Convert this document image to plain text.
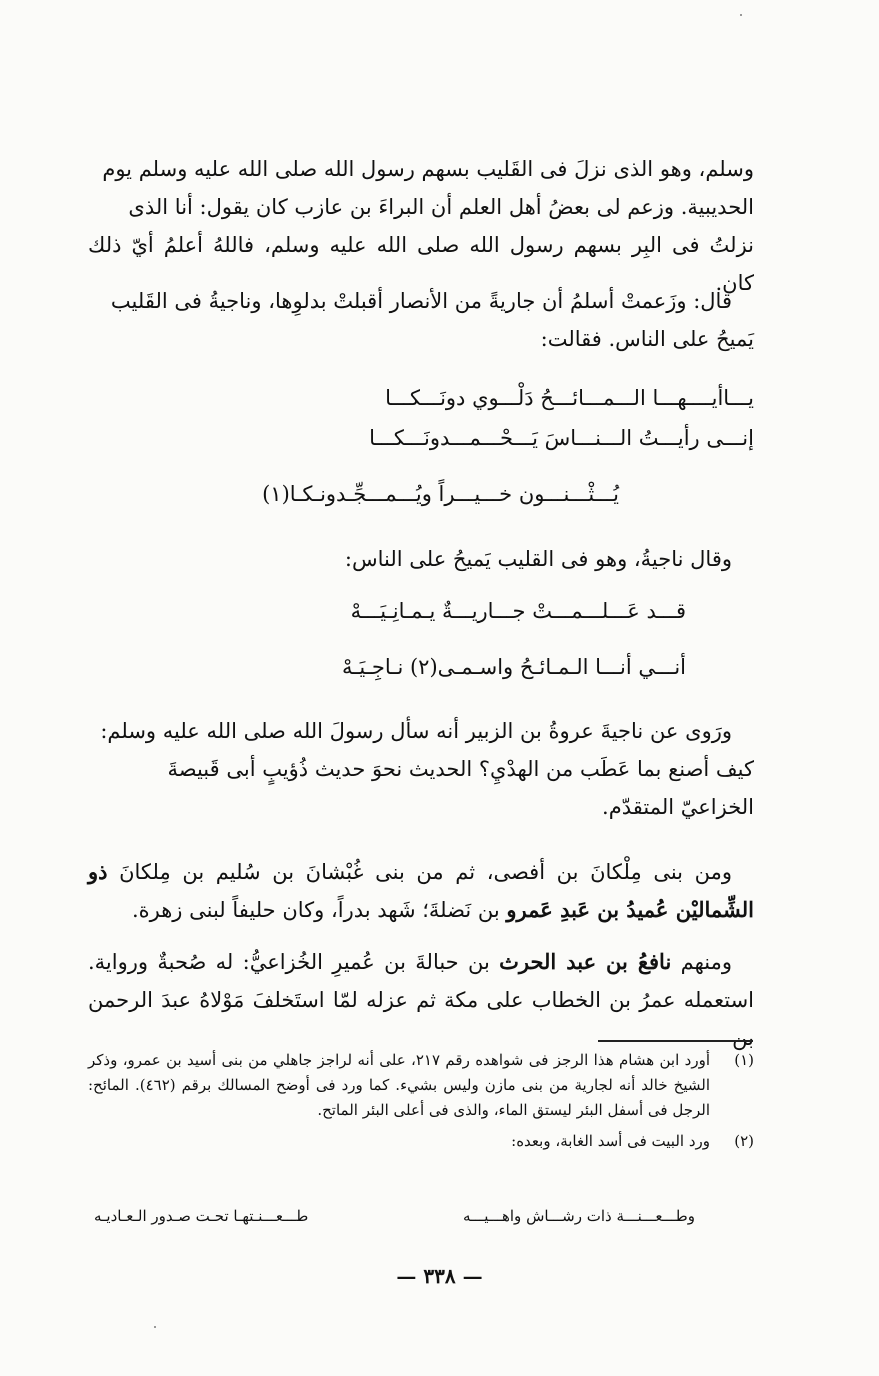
وسلم، وهو الذى نزلَ فى القَليب بسهم رسول الله صلى الله عليه وسلم يوم

الحديبية. وزعم لى بعضُ أهل العلم أن البراءَ بن عازب كان يقول: أنا الذى

نزلتُ فى البِر بسهم رسول الله صلى الله عليه وسلم، فاللهُ أعلمُ أيّ ذلك كان.

قال: وزَعمتْ أسلمُ أن جاريةً من الأنصار أقبلتْ بدلوِها، وناجيةُ فى القَليب

يَميحُ على الناس. فقالت:

يـــاأيــــهـــا الـــمـــائـــحُ دَلْـــوي دونَـــكـــا
إنـــى رأيـــتُ الـــنـــاسَ يَـــحْـــمـــدونَـــكـــا
يُـــثْـــنـــون خـــيـــراً ويُـــمـــجِّـدونـكـا(١)

وقال ناجيةُ، وهو فى القليب يَميحُ على الناس:

قـــد عَـــلـــمـــتْ جـــاريـــةٌ يـمـانِـيَـــهْ
أنـــي أنـــا الـمـائـحُ واسـمـى(٢) نـاجِـيَـهْ

ورَوى عن ناجيةَ عروةُ بن الزبير أنه سأل رسولَ الله صلى الله عليه وسلم:

كيف أصنع بما عَطَب من الهدْيِ؟ الحديث نحوَ حديث ذُؤيبٍ أبى قَبيصةَ

الخزاعيّ المتقدّم.

ومن بنى مِلْكانَ بن أفصى، ثم من بنى غُبْشانَ بن سُليم بن مِلكانَ ذو الشِّماليْن عُميدُ بن عَبدِ عَمرو بن نَضلةَ؛ شَهد بدراً، وكان حليفاً لبنى زهرة.

ومنهم نافعُ بن عبد الحرث بن حبالةَ بن عُميرِ الخُزاعيُّ: له صُحبةٌ ورواية. استعمله عمرُ بن الخطاب على مكة ثم عزله لمّا استَخلفَ مَوْلاهُ عبدَ الرحمن بن

(١)
أورد ابن هشام هذا الرجز فى شواهده رقم ٢١٧، على أنه لراجز جاهلي من بنى أسيد بن عمرو، وذكر الشيخ خالد أنه لجارية من بنى مازن وليس بشيء. كما ورد فى أوضح المسالك برقم (٤٦٢). المائح: الرجل فى أسفل البئر ليستق الماء، والذى فى أعلى البئر الماتح.
(٢)
ورد البيت فى أسد الغابة، وبعده:
وطـــعـــنـــة ذات رشـــاش واهـــيـــه
طـــعـــنـتهـا تحـت صـدور الـعـاديـه
— ٣٣٨ —
